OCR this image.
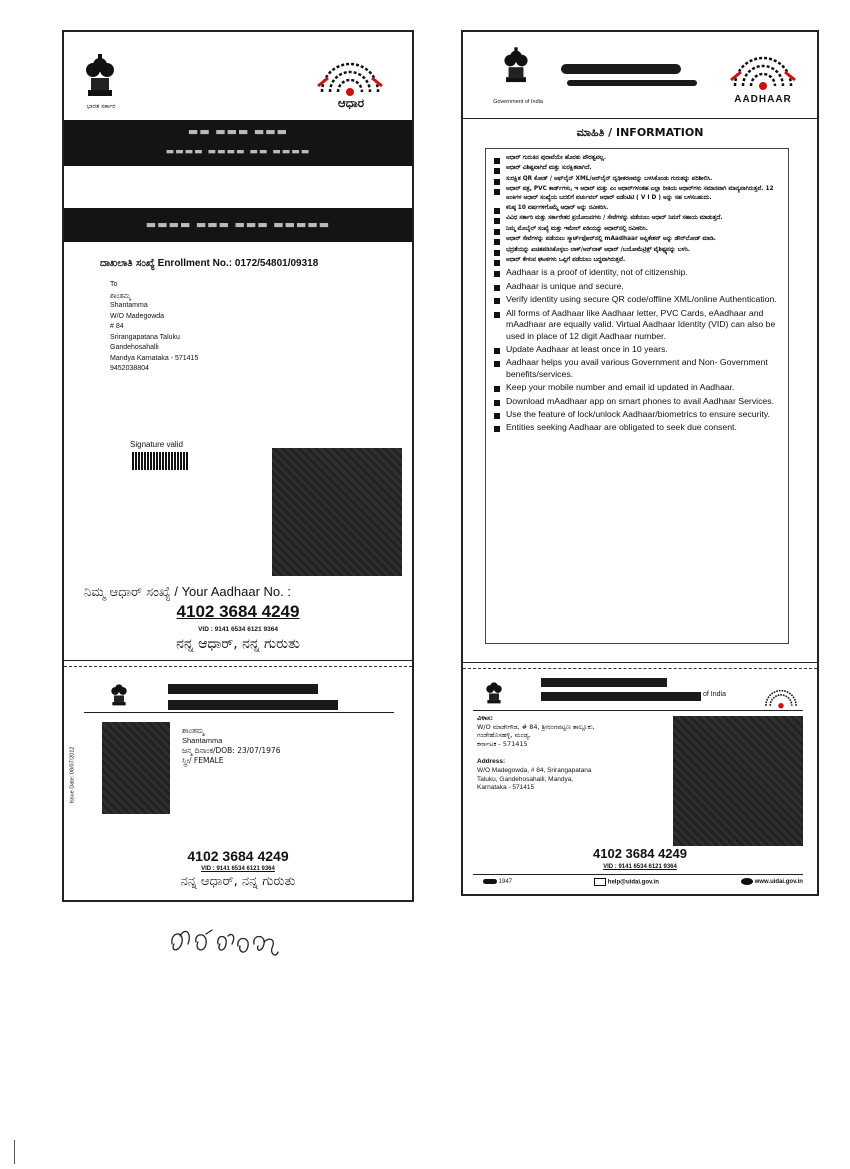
ಭಾರತ ಸರ್ಕಾರ	ಆಧಾರ
▬▬ ▬▬▬ ▬▬▬
▬▬▬▬ ▬▬▬▬ ▬▬ ▬▬▬▬
▬▬▬▬ ▬▬▬ ▬▬▬ ▬▬▬▬▬
ದಾಖಲಾತಿ ಸಂಖ್ಯೆ Enrollment No.: 0172/54801/09318
To
ಶಾಂತಮ್ಮ
Shantamma
W/O Madegowda
# 84
Srirangapatana Taluku
Gandehosahalli
Mandya Karnataka - 571415
9452038804
Signature valid
ನಿಮ್ಮ ಆಧಾರ್ ಸಂಖ್ಯೆ / Your Aadhaar No. :
4102 3684 4249
VID : 9141 6534 6121 9364
ನನ್ನ ಆಧಾರ್, ನನ್ನ ಗುರುತು
Issue Date: 08/07/2012
ಶಾಂತಮ್ಮ
Shantamma
ಜನ್ಮ ದಿನಾಂಕ/DOB: 23/07/1976
ಸ್ತ್ರೀ/ FEMALE
4102 3684 4249
VID : 9141 6534 6121 9364
ನನ್ನ ಆಧಾರ್, ನನ್ನ ಗುರುತು
Government of India	AADHAAR
ಮಾಹಿತಿ / INFORMATION
ಆಧಾರ್ ಗುರುತಿನ ಪುರಾವೆಯೇ ಹೊರತು ಪೌರತ್ವವಲ್ಲ.
ಆಧಾರ್ ವಿಶಿಷ್ಟವಾಗಿದೆ ಮತ್ತು ಸುರಕ್ಷಿತವಾಗಿದೆ.
ಸುರಕ್ಷಿತ QR ಕೋಡ್ / ಆಫ್‌ಲೈನ್ XML/ಆನ್‌ಲೈನ್ ದೃಢೀಕರಣವನ್ನು ಬಳಸಿಕೊಂಡು ಗುರುತನ್ನು ಪರಿಶೀಲಿಸಿ.
ಆಧಾರ್ ಪತ್ರ, PVC ಕಾರ್ಡ್‌ಗಳು, ಇ ಆಧಾರ್ ಮತ್ತು ಎಂ ಆಧಾರ್‌ಗಳಂತಹ ಎಲ್ಲಾ ರೀತಿಯ ಆಧಾರ್‌ಗಳು ಸಮಾನವಾಗಿ ಮಾನ್ಯವಾಗಿರುತ್ತವೆ. 12 ಅಂಕಿಗಳ ಆಧಾರ್ ಸಂಖ್ಯೆಯ ಬದಲಿಗೆ ವರ್ಚುವಲ್ ಆಧಾರ್ ಐಡೆಂಟಿಟಿ ( V I D ) ಅನ್ನು ಸಹ ಬಳಸಬಹುದು.
ಕನಿಷ್ಠ 10 ವರ್ಷಗಳಿಗೊಮ್ಮೆ ಆಧಾರ್ ಅನ್ನು ನವೀಕರಿಸಿ.
ವಿವಿಧ ಸರ್ಕಾರಿ ಮತ್ತು ಸರ್ಕಾರೇತರ ಪ್ರಯೋಜನಗಳು / ಸೇವೆಗಳನ್ನು ಪಡೆಯಲು ಆಧಾರ್ ನಿಮಗೆ ಸಹಾಯ ಮಾಡುತ್ತದೆ.
ನಿಮ್ಮ ಮೊಬೈಲ್ ಸಂಖ್ಯೆ ಮತ್ತು ಇಮೇಲ್ ಐಡಿಯನ್ನು ಆಧಾರ್‌ನಲ್ಲಿ ನವೀಕರಿಸಿ.
ಆಧಾರ್ ಸೇವೆಗಳನ್ನು ಪಡೆಯಲು ಸ್ಮಾರ್ಟ್‌ಫೋನ್‌ನಲ್ಲಿ mAadhaar ಅಪ್ಲಿಕೇಶನ್ ಅನ್ನು ಡೌನ್‌ಲೋಡ್ ಮಾಡಿ.
ಭದ್ರತೆಯನ್ನು ಖಚಿತಪಡಿಸಿಕೊಳ್ಳಲು ಲಾಕ್/ಅನ್‌ಲಾಕ್ ಆಧಾರ್ /ಬಯೋಮೆಟ್ರಿಕ್ಸ್ ವೈಶಿಷ್ಟ್ಯವನ್ನು ಬಳಸಿ.
ಆಧಾರ್ ಕೇಳುವ ಘಟಕಗಳು ಒಪ್ಪಿಗೆ ಪಡೆಯಲು ಬದ್ಧವಾಗಿರುತ್ತವೆ.
Aadhaar is a proof of identity, not of citizenship.
Aadhaar is unique and secure.
Verify identity using secure QR code/offline XML/online Authentication.
All forms of Aadhaar like Aadhaar letter, PVC Cards, eAadhaar and mAadhaar are equally valid. Virtual Aadhaar Identity (VID) can also be used in place of 12 digit Aadhaar number.
Update Aadhaar at least once in 10 years.
Aadhaar helps you avail various Government and Non- Government benefits/services.
Keep your mobile number and email id updated in Aadhaar.
Download mAadhaar app on smart phones to avail Aadhaar Services.
Use the feature of lock/unlock Aadhaar/biometrics to ensure security.
Entities seeking Aadhaar are obligated to seek due consent.
of India
ವಿಳಾಸ:
W/O ಮಾಡೇಗೌಡ, # 84, ಶ್ರೀರಂಗಪಟ್ಟಣ ತಾಲ್ಲೂಕು,
ಗಂಡೇಹೊಸಹಳ್ಳಿ, ಮಂಡ್ಯ,
ಕರ್ನಾಟಕ - 571415
Address:
W/O Madegowda, # 84, Srirangapatana
Taluku, Gandehosahalli, Mandya,
Karnataka - 571415
4102 3684 4249
VID : 9141 6534 6121 9364
1947	help@uidai.gov.in	www.uidai.gov.in
